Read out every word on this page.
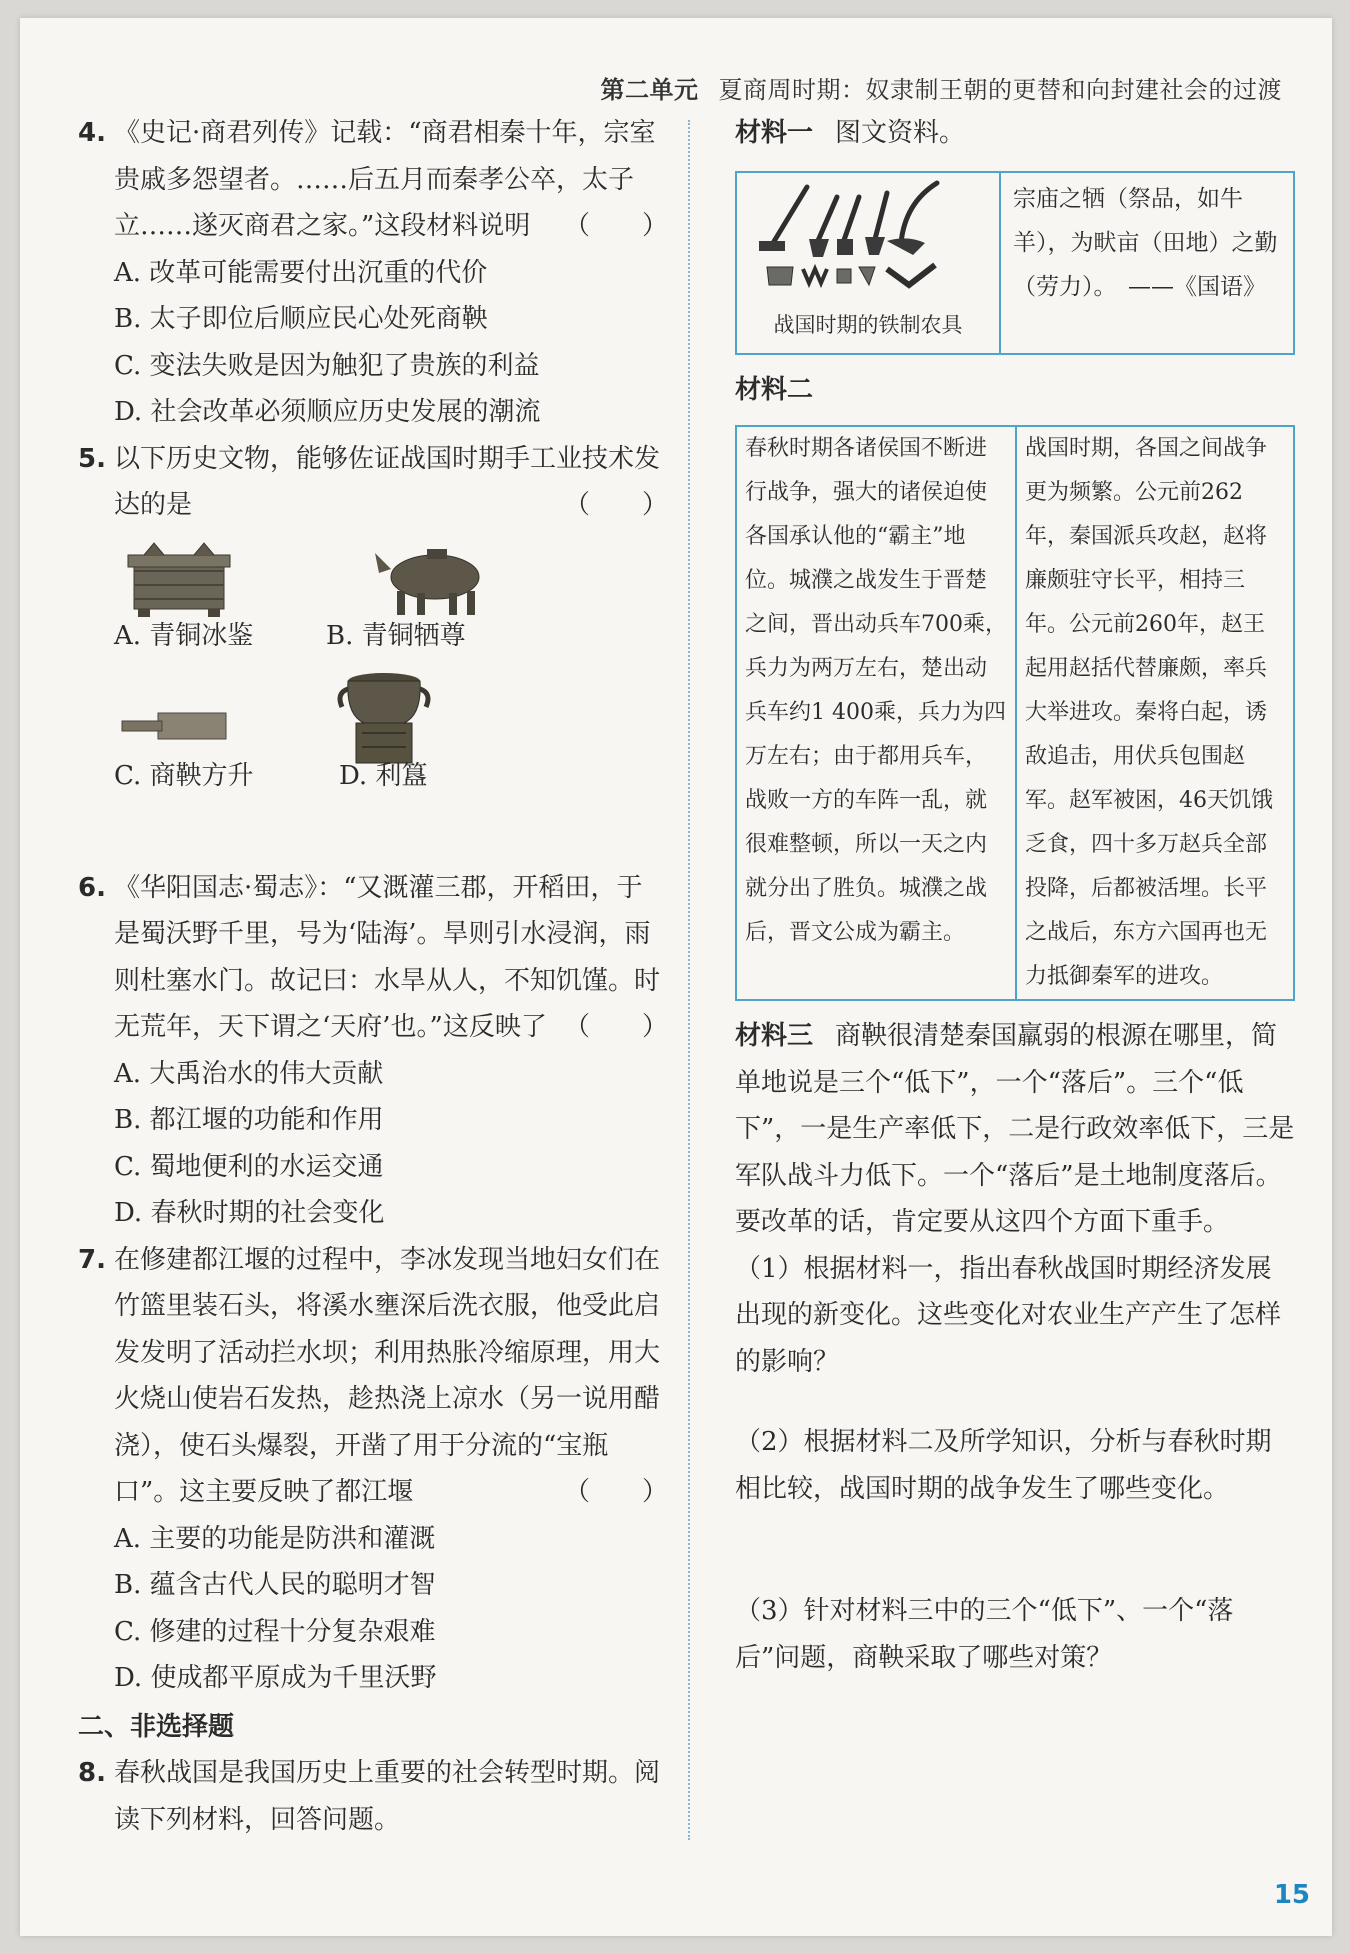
第二单元 夏商周时期：奴隶制王朝的更替和向封建社会的过渡
4. 《史记·商君列传》记载：“商君相秦十年，宗室贵戚多怨望者。……后五月而秦孝公卒，太子立……遂灭商君之家。”这段材料说明 （　　）
A. 改革可能需要付出沉重的代价
B. 太子即位后顺应民心处死商鞅
C. 变法失败是因为触犯了贵族的利益
D. 社会改革必须顺应历史发展的潮流
5. 以下历史文物，能够佐证战国时期手工业技术发达的是	（　　）
A. 青铜冰鉴	B. 青铜牺尊
C. 商鞅方升	D. 利簋
6. 《华阳国志·蜀志》：“又溉灌三郡，开稻田，于是蜀沃野千里，号为‘陆海’。旱则引水浸润，雨则杜塞水门。故记曰：水旱从人，不知饥馑。时无荒年，天下谓之‘天府’也。”这反映了 （　　）
A. 大禹治水的伟大贡献
B. 都江堰的功能和作用
C. 蜀地便利的水运交通
D. 春秋时期的社会变化
7. 在修建都江堰的过程中，李冰发现当地妇女们在竹篮里装石头，将溪水壅深后洗衣服，他受此启发发明了活动拦水坝；利用热胀冷缩原理，用大火烧山使岩石发热，趁热浇上凉水（另一说用醋浇），使石头爆裂，开凿了用于分流的“宝瓶口”。这主要反映了都江堰	（　　）
A. 主要的功能是防洪和灌溉
B. 蕴含古代人民的聪明才智
C. 修建的过程十分复杂艰难
D. 使成都平原成为千里沃野
二、非选择题
8. 春秋战国是我国历史上重要的社会转型时期。阅读下列材料，回答问题。
材料一 图文资料。
战国时期的铁制农具
宗庙之牺（祭品，如牛羊），为畎亩（田地）之勤（劳力）。　——《国语》
材料二
春秋时期各诸侯国不断进行战争，强大的诸侯迫使各国承认他的“霸主”地位。城濮之战发生于晋楚之间，晋出动兵车700乘，兵力为两万左右，楚出动兵车约1 400乘，兵力为四万左右；由于都用兵车，战败一方的车阵一乱，就很难整顿，所以一天之内就分出了胜负。城濮之战后，晋文公成为霸主。
战国时期，各国之间战争更为频繁。公元前262年，秦国派兵攻赵，赵将廉颇驻守长平，相持三年。公元前260年，赵王起用赵括代替廉颇，率兵大举进攻。秦将白起，诱敌追击，用伏兵包围赵军。赵军被困，46天饥饿乏食，四十多万赵兵全部投降，后都被活埋。长平之战后，东方六国再也无力抵御秦军的进攻。
材料三 商鞅很清楚秦国羸弱的根源在哪里，简单地说是三个“低下”，一个“落后”。三个“低下”，一是生产率低下，二是行政效率低下，三是军队战斗力低下。一个“落后”是土地制度落后。要改革的话，肯定要从这四个方面下重手。
（1）根据材料一，指出春秋战国时期经济发展出现的新变化。这些变化对农业生产产生了怎样的影响？
（2）根据材料二及所学知识，分析与春秋时期相比较，战国时期的战争发生了哪些变化。
（3）针对材料三中的三个“低下”、一个“落后”问题，商鞅采取了哪些对策？
15
